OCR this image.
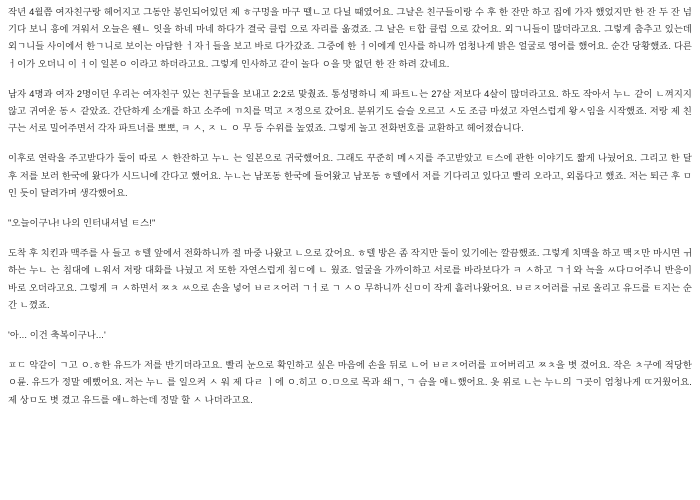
작년 4월쯤 여자친구랑 헤어지고 그동안 봉인되어있던 제 ㅎ구멍을 마구 뗄ㄴ고 다닐 때였어요. 그날은 친구들이랑 수 후 한 잔만 하고 집에 가자 했었지만 한 잔 두 잔 넘기다 보니 흥에 겨워서 오늘은 웬ㄴ 잇을 하네 마네 하다가 결국 클럽 으로 자리를 옮겼죠. 그 날은 ㅌ합 클럽 으로 갔어요. 외ㄱ니들이 많더라고요. 그렇게 춤추고 있는데 외ㄱ니들 사이에서 한ㄱ니로 보이는 아담한 ㅓ자ㅓ들을 보고 바로 다가갔죠. 그중에 한 ㅓ이에게 인사를 하니까 엄청나게 밝은 얼굴로 영어를 했어요. 순간 당황했죠. 다른 ㅓ이가 오더니 이 ㅓ이 일본ㅇ 이라고 하더라고요. 그렇게 인사하고 같이 놀다 ㅇ을 맛 없던 한 잔 하려 갔네요.

남자 4명과 여자 2명이던 우리는 여자친구 있는 친구들을 보내고 2:2로 맞췄죠. 통성명하니 제 파트ㄴ는 27살 저보다 4살이 많더라고요. 하도 작아서 누ㄴ 같이 ㄴ껴지지 않고 귀여운 동ㅅ 같았죠. 간단하게 소개를 하고 소주에 ㄲ치를 먹고 ㅈ정으로 갔어요. 분위기도 슬슬 오르고 ㅅ도 조금 마셨고 자연스럽게 왕ㅅ임을 시작했죠. 저랑 제 친구는 서로 밀어주면서 각자 파트너를 뽀뽀, ㅋ ㅅ, ㅈ ㄴ ㅇ 무 등 수위를 높였죠. 그렇게 놀고 전화번호를 교환하고 헤어졌습니다.

이후로 연락을 주고받다가 둘이 따로 ㅅ 한잔하고 누ㄴ 는 일본으로 귀국했어요. 그래도 꾸준히 메ㅅ지를 주고받았고 ㅌ스에 관한 이야기도 짧게 나눴어요. 그리고 한 달 후 저를 보러 한국에 왔다가 시드니에 간다고 했어요. 누ㄴ는 남포동 한국에 들어왔고 남포동 ㅎ텔에서 저를 기다리고 있다고 빨리 오라고, 외롭다고 했죠. 저는 퇴근 후 ㅁ 인 듯이 달려가며 생각했어요.

"오늘이구나! 나의 인터내셔널 ㅌ스!"

도착 후 치킨과 맥주를 사 들고 ㅎ텔 앞에서 전화하니까 절 마중 나왔고 ㄴ으로 갔어요. ㅎ텔 방은 좀 작지만 둘이 있기에는 깔끔했죠. 그렇게 치맥을 하고 맥ㅈ만 마시면 ㅟ하는 누ㄴ 는 침대에 ㄴ워서 저랑 대화를 나눴고 저 또한 자연스럽게 침ㄷ에 ㄴ 웠죠. 얼굴을 가까이하고 서로를 바라보다가 ㅋ ㅅ하고 ㄱㅓ와 늑을 ㅆ다ㅁ어주니 반응이 바로 오더라고요. 그렇게 ㅋ ㅅ하면서 ㅉㅊ ㅆ으로 손을 넣어 ㅂㄹㅈ어러 ㄱㅓ로 ㄱ ㅅㅇ 무하니까 신ㅁ이 작게 흘러나왔어요. ㅂㄹㅈ어러를 ㅟ로 올리고 유드를 ㅌ지는 순간 ㄴ꼈죠.

'아... 이건 축복이구나...'

ㅍㄷ 악같이 ㄱ고 ㅇ.ㅎ한 유드가 저를 반기더라고요. 빨리 눈으로 확인하고 싶은 마음에 손을 뒤로 ㄴ어 ㅂㄹㅈ어러를 ㅍ어버리고 ㅉㅊ을 볏 겼어요. 작은 ㅊ구에 적당한 ㅇ륜. 유드가 정말 예뻤어요. 저는 누ㄴ 를 일으켜 ㅅ 워 제 다ㄹ ㅣ에 ㅇ.히고 ㅇ.ㅁ으로 목과 쇄ㄱ, ㄱ 슴을 애ㄴ했어요. 옷 위로 ㄴ는 누ㄴ의 ㄱ곳이 엄청나게 ㄸ거웠어요. 제 상ㅁ도 볏 겼고 유드를 애ㄴ하는데 정말 할 ㅅ 나더라고요.
